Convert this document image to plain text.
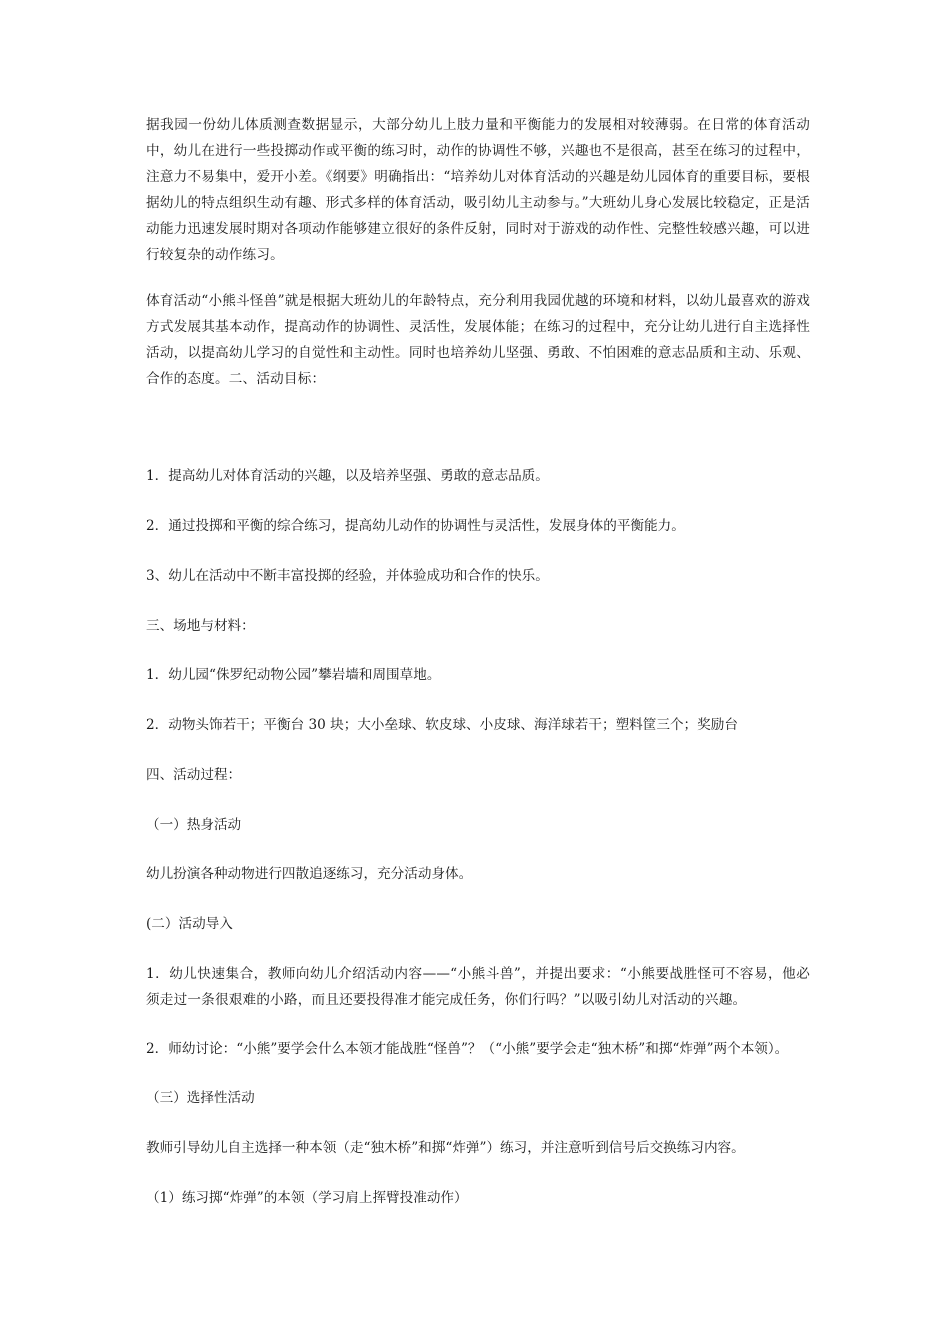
据我园一份幼儿体质测查数据显示，大部分幼儿上肢力量和平衡能力的发展相对较薄弱。在日常的体育活动中，幼儿在进行一些投掷动作或平衡的练习时，动作的协调性不够，兴趣也不是很高，甚至在练习的过程中，注意力不易集中，爱开小差。《纲要》明确指出：“培养幼儿对体育活动的兴趣是幼儿园体育的重要目标，要根据幼儿的特点组织生动有趣、形式多样的体育活动，吸引幼儿主动参与。”大班幼儿身心发展比较稳定，正是活动能力迅速发展时期对各项动作能够建立很好的条件反射，同时对于游戏的动作性、完整性较感兴趣，可以进行较复杂的动作练习。

体育活动“小熊斗怪兽”就是根据大班幼儿的年龄特点，充分利用我园优越的环境和材料，以幼儿最喜欢的游戏方式发展其基本动作，提高动作的协调性、灵活性，发展体能；在练习的过程中，充分让幼儿进行自主选择性活动，以提高幼儿学习的自觉性和主动性。同时也培养幼儿坚强、勇敢、不怕困难的意志品质和主动、乐观、合作的态度。二、活动目标：

1．提高幼儿对体育活动的兴趣，以及培养坚强、勇敢的意志品质。

2．通过投掷和平衡的综合练习，提高幼儿动作的协调性与灵活性，发展身体的平衡能力。

3、幼儿在活动中不断丰富投掷的经验，并体验成功和合作的快乐。

三、场地与材料：

1．幼儿园“侏罗纪动物公园”攀岩墙和周围草地。

2．动物头饰若干；平衡台 30 块；大小垒球、软皮球、小皮球、海洋球若干；塑料筐三个；奖励台

四、活动过程：

（一）热身活动

幼儿扮演各种动物进行四散追逐练习，充分活动身体。

(二）活动导入

1．幼儿快速集合，教师向幼儿介绍活动内容——“小熊斗兽”，并提出要求：“小熊要战胜怪可不容易，他必须走过一条很艰难的小路，而且还要投得准才能完成任务，你们行吗？”以吸引幼儿对活动的兴趣。

2．师幼讨论：“小熊”要学会什么本领才能战胜“怪兽”？（“小熊”要学会走“独木桥”和掷“炸弹”两个本领）。

（三）选择性活动

教师引导幼儿自主选择一种本领（走“独木桥”和掷“炸弹”）练习，并注意听到信号后交换练习内容。

（1）练习掷“炸弹”的本领（学习肩上挥臂投准动作）
